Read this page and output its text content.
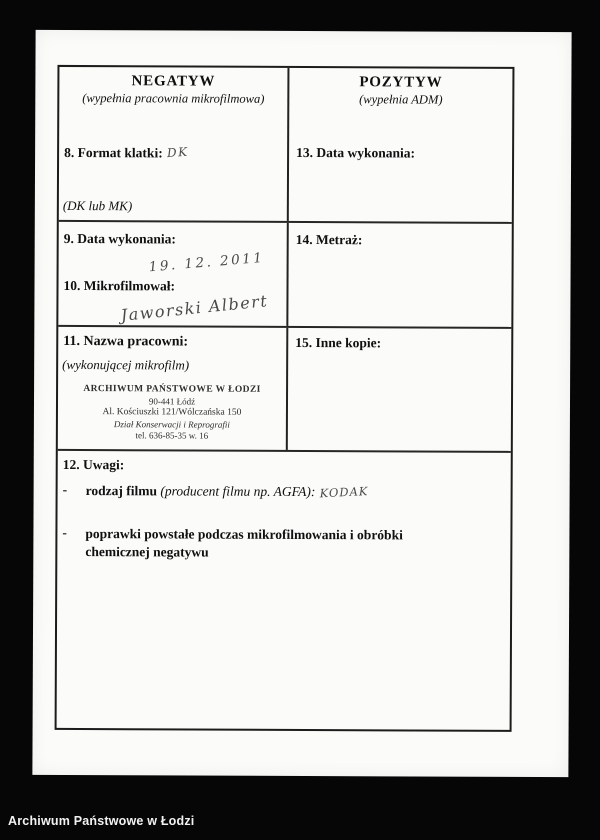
NEGATYW
(wypełnia pracownia mikrofilmowa)
8. Format klatki: DK
(DK lub MK)
POZYTYW
(wypełnia ADM)
13. Data wykonania:
9. Data wykonania:
19. 12. 2011
10. Mikrofilmował:
Jaworski Albert
14. Metraż:
11. Nazwa pracowni:
(wykonującej mikrofilm)
ARCHIWUM PAŃSTWOWE W ŁODZI
90-441 Łódź
Al. Kościuszki 121/Wólczańska 150
Dział Konserwacji i Reprografii
tel. 636-85-35 w. 16
15. Inne kopie:
12. Uwagi:
-	rodzaj filmu (producent filmu np. AGFA): KODAK
-	poprawki powstałe podczas mikrofilmowania i obróbki chemicznej negatywu
Archiwum Państwowe w Łodzi
